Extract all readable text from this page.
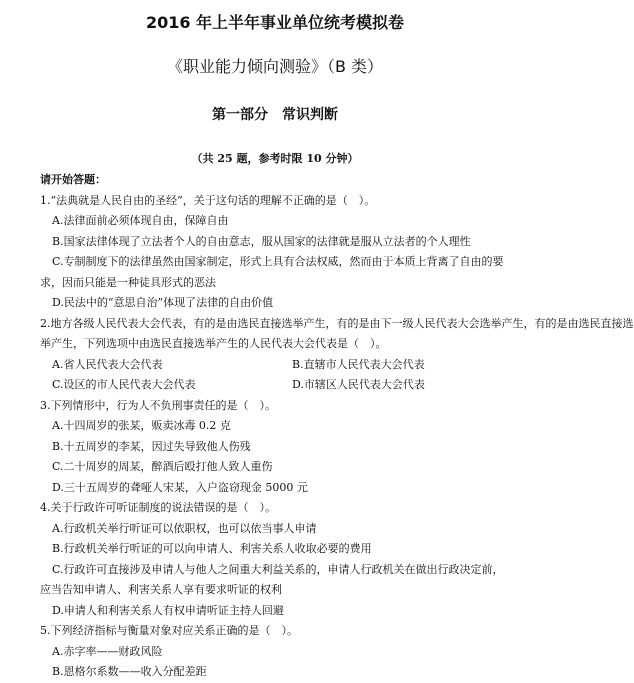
2016 年上半年事业单位统考模拟卷
《职业能力倾向测验》（B 类）
第一部分　常识判断
（共 25 题，参考时限 10 分钟）
请开始答题：
1.“法典就是人民自由的圣经”，关于这句话的理解不正确的是（　）。
A.法律面前必须体现自由，保障自由
B.国家法律体现了立法者个人的自由意志，服从国家的法律就是服从立法者的个人理性
C.专制制度下的法律虽然由国家制定，形式上具有合法权威，然而由于本质上背离了自由的要
求，因而只能是一种徒具形式的恶法
D.民法中的“意思自治”体现了法律的自由价值
2.地方各级人民代表大会代表，有的是由选民直接选举产生，有的是由下一级人民代表大会选举产生，有的是由选民直接选
举产生，下列选项中由选民直接选举产生的人民代表大会代表是（　）。
A.省人民代表大会代表	B.直辖市人民代表大会代表
C.设区的市人民代表大会代表	D.市辖区人民代表大会代表
3.下列情形中，行为人不负刑事责任的是（　）。
A.十四周岁的张某，贩卖冰毒 0.2 克
B.十五周岁的李某，因过失导致他人伤残
C.二十周岁的周某，醉酒后殴打他人致人重伤
D.三十五周岁的聋哑人宋某，入户盗窃现金 5000 元
4.关于行政许可听证制度的说法错误的是（　）。
A.行政机关举行听证可以依职权，也可以依当事人申请
B.行政机关举行听证的可以向申请人、利害关系人收取必要的费用
C.行政许可直接涉及申请人与他人之间重大利益关系的，申请人行政机关在做出行政决定前，
应当告知申请人、利害关系人享有要求听证的权利
D.申请人和利害关系人有权申请听证主持人回避
5.下列经济指标与衡量对象对应关系正确的是（　）。
A.赤字率——财政风险
B.恩格尔系数——收入分配差距
